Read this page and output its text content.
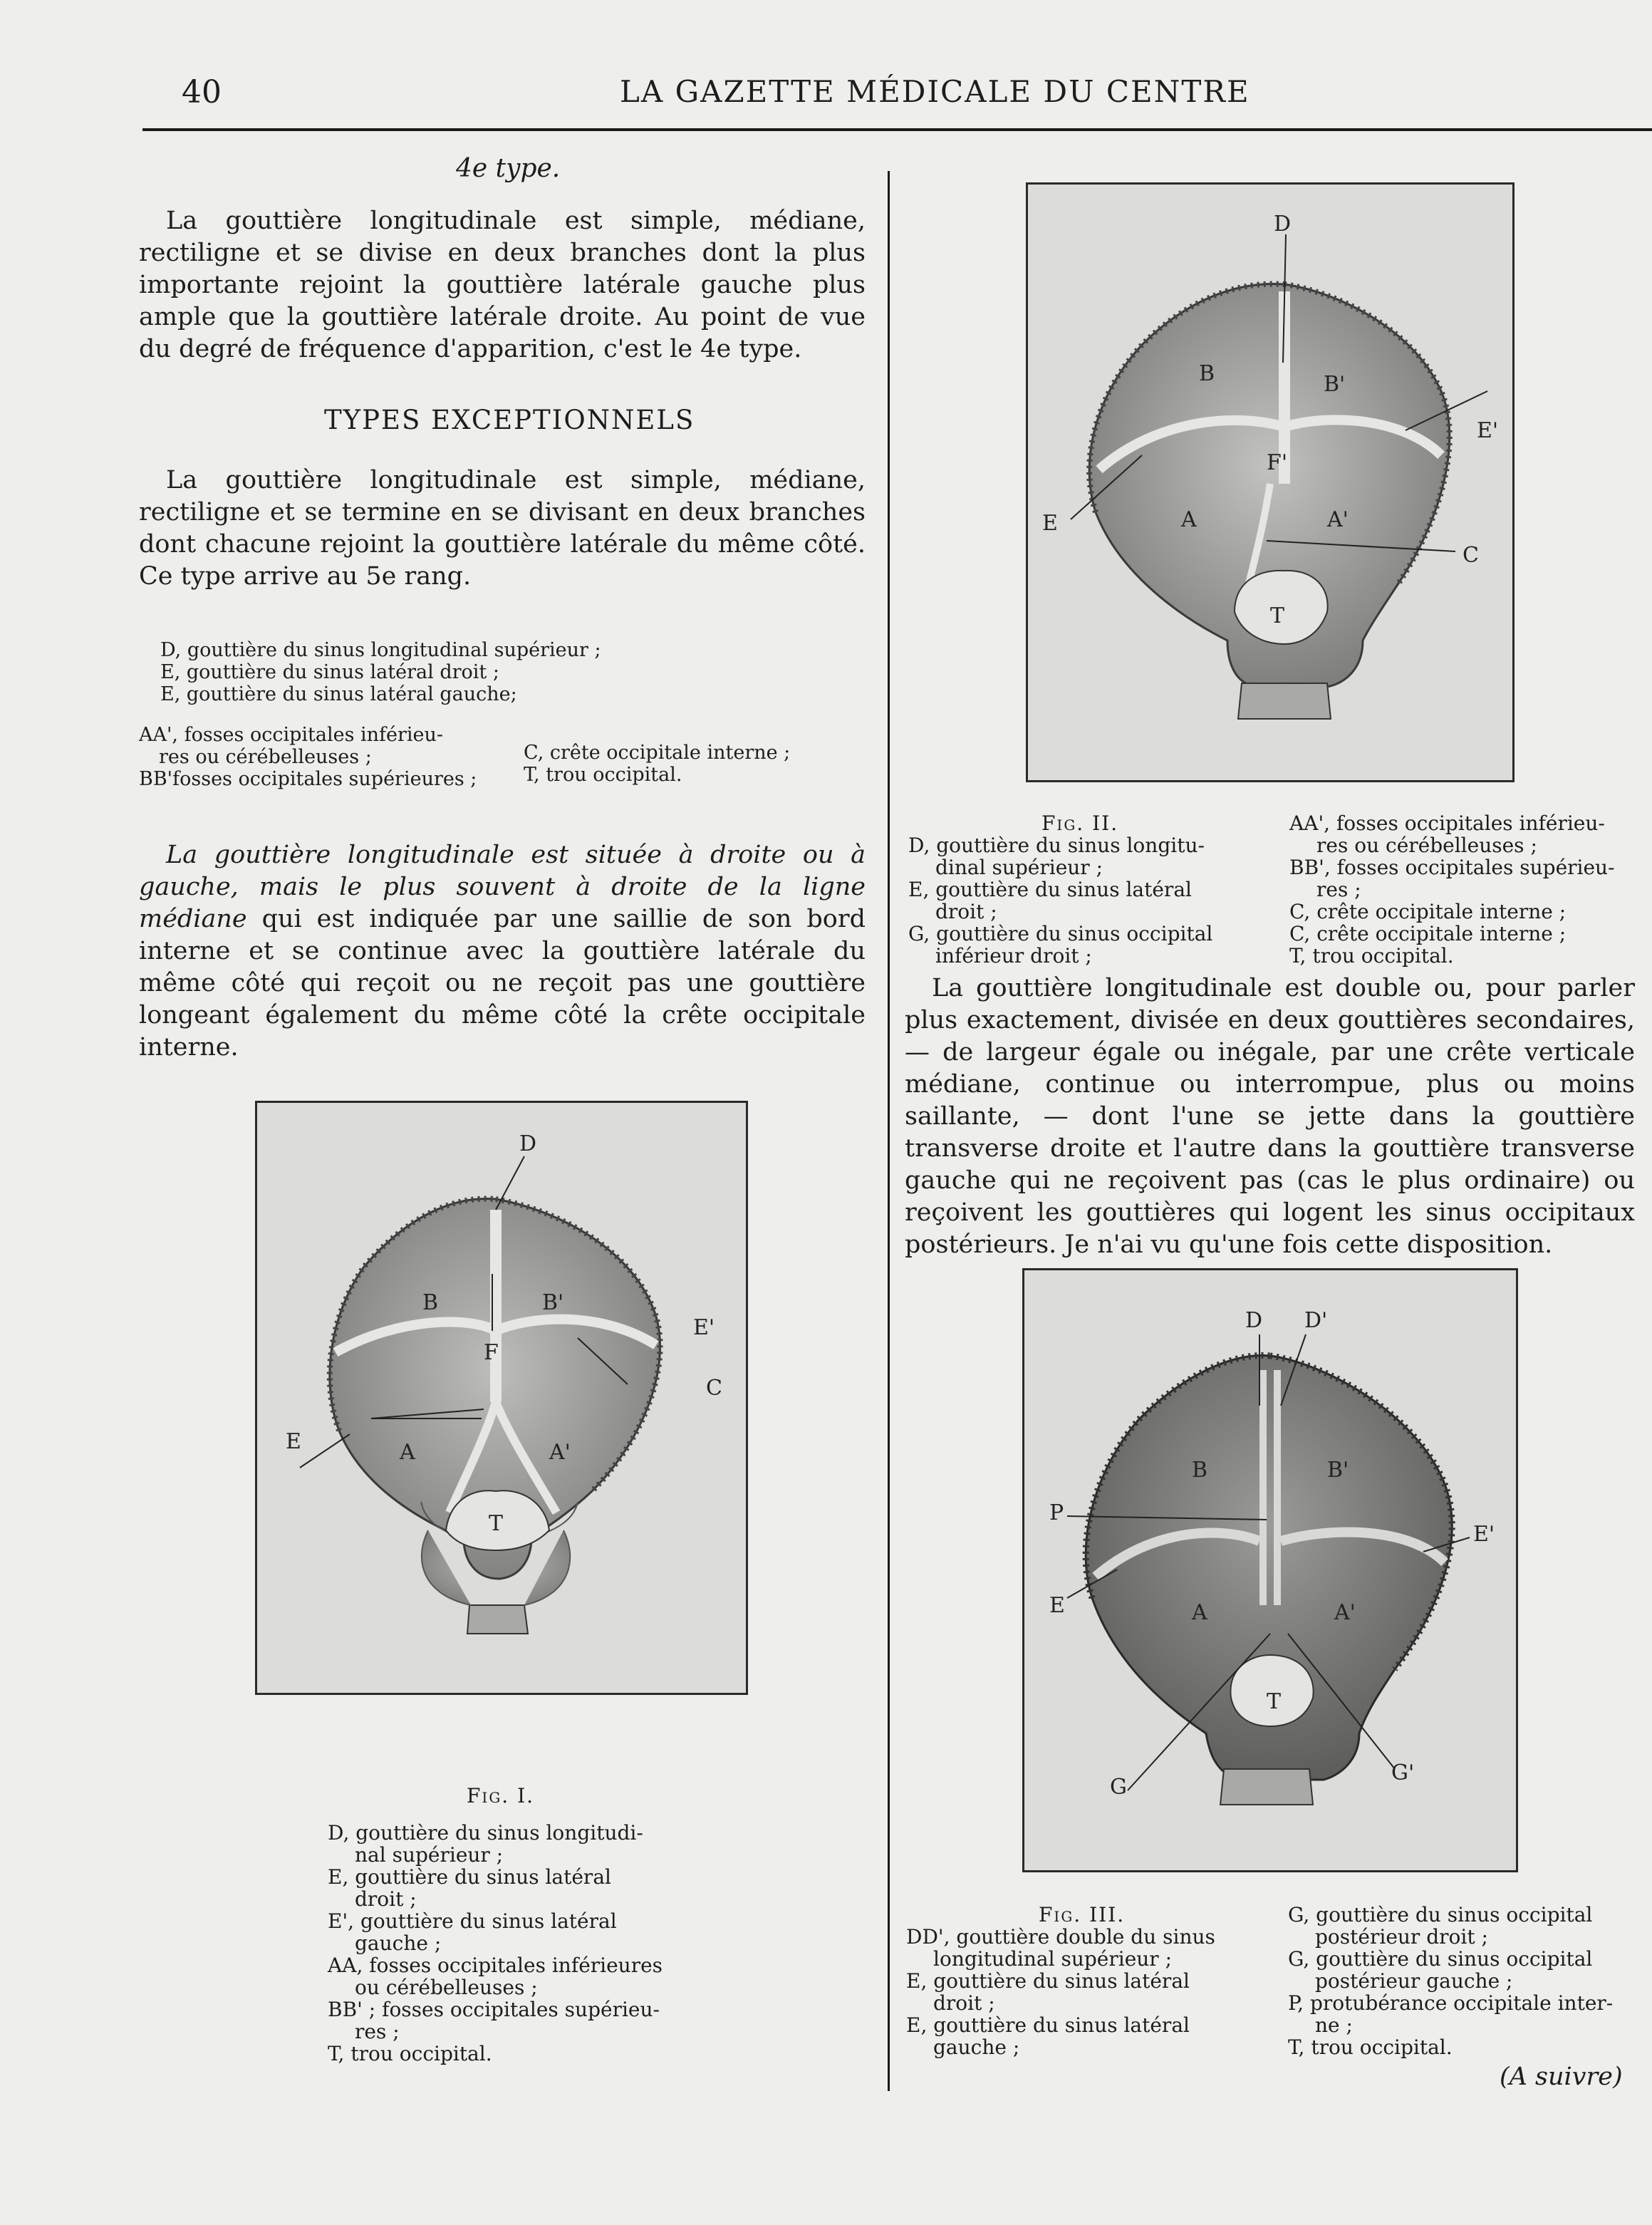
40	LA GAZETTE MÉDICALE DU CENTRE
4e type.

La gouttière longitudinale est simple, médiane, rectiligne et se divise en deux branches dont la plus importante rejoint la gouttière latérale gauche plus ample que la gouttière latérale droite. Au point de vue du degré de fréquence d'apparition, c'est le 4e type.

TYPES EXCEPTIONNELS

La gouttière longitudinale est simple, médiane, rectiligne et se termine en se divisant en deux branches dont chacune rejoint la gouttière latérale du même côté. Ce type arrive au 5e rang.

D, gouttière du sinus longitudinal supérieur ;
E, gouttière du sinus latéral droit ;
E, gouttière du sinus latéral gauche;
AA', fosses occipitales inférieu-
res ou cérébelleuses ;
BB'fosses occipitales supérieures ;
C, crête occipitale interne ;
T, trou occipital.

La gouttière longitudinale est située à droite ou à gauche, mais le plus souvent à droite de la ligne médiane qui est indiquée par une saillie de son bord interne et se continue avec la gouttière latérale du même côté qui reçoit ou ne reçoit pas une gouttière longeant également du même côté la crête occipitale interne.

D
B	B'
F
E
E'
C
A	A'
T
Fig. I.
D, gouttière du sinus longitudi-
nal supérieur ;
E, gouttière du sinus latéral
droit ;
E', gouttière du sinus latéral
gauche ;
AA, fosses occipitales inférieures
ou cérébelleuses ;
BB' ; fosses occipitales supérieu-
res ;
T, trou occipital.
D
B	B'
F'
E
E'
C
A	A'
T
Fig. II.
D, gouttière du sinus longitu-
dinal supérieur ;
E, gouttière du sinus latéral
droit ;
G, gouttière du sinus occipital
inférieur droit ;
AA', fosses occipitales inférieu-
res ou cérébelleuses ;
BB', fosses occipitales supérieu-
res ;
C, crête occipitale interne ;
C, crête occipitale interne ;
T, trou occipital.

La gouttière longitudinale est double ou, pour parler plus exactement, divisée en deux gouttières secondaires, — de largeur égale ou inégale, par une crête verticale médiane, continue ou interrompue, plus ou moins saillante, — dont l'une se jette dans la gouttière transverse droite et l'autre dans la gouttière transverse gauche qui ne reçoivent pas (cas le plus ordinaire) ou reçoivent les gouttières qui logent les sinus occipitaux postérieurs. Je n'ai vu qu'une fois cette disposition.

D D'
B	B'
P
E
E'
A	A'
T
G
G'
Fig. III.
DD', gouttière double du sinus
longitudinal supérieur ;
E, gouttière du sinus latéral
droit ;
E, gouttière du sinus latéral
gauche ;
G, gouttière du sinus occipital
postérieur droit ;
G, gouttière du sinus occipital
postérieur gauche ;
P, protubérance occipitale inter-
ne ;
T, trou occipital.
(A suivre)
